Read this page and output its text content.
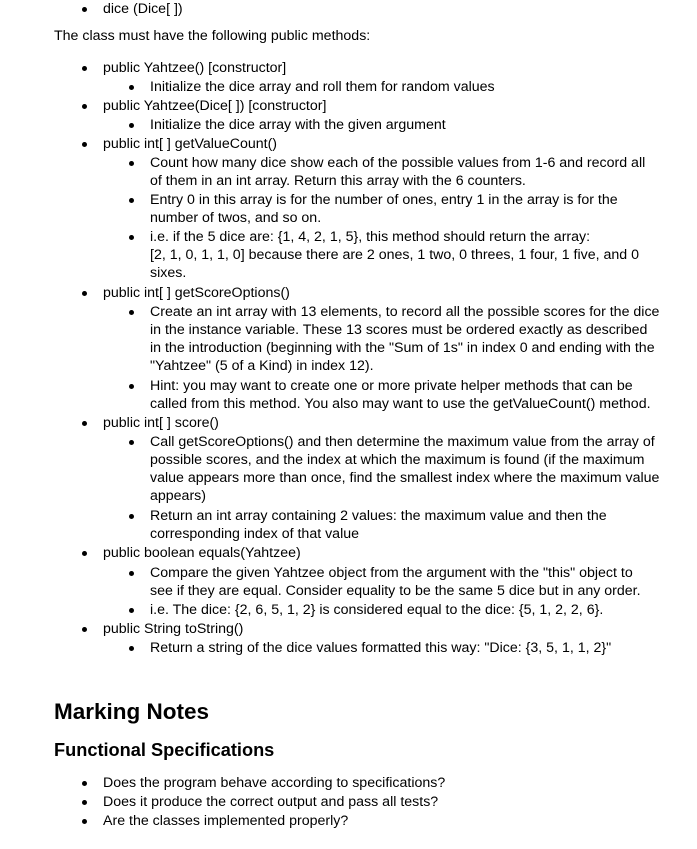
dice (Dice[ ])
The class must have the following public methods:
public Yahtzee() [constructor]
Initialize the dice array and roll them for random values
public Yahtzee(Dice[ ]) [constructor]
Initialize the dice array with the given argument
public int[ ] getValueCount()
Count how many dice show each of the possible values from 1-6 and record all
of them in an int array. Return this array with the 6 counters.
Entry 0 in this array is for the number of ones, entry 1 in the array is for the
number of twos, and so on.
i.e. if the 5 dice are: {1, 4, 2, 1, 5}, this method should return the array:
[2, 1, 0, 1, 1, 0] because there are 2 ones, 1 two, 0 threes, 1 four, 1 five, and 0
sixes.
public int[ ] getScoreOptions()
Create an int array with 13 elements, to record all the possible scores for the dice
in the instance variable. These 13 scores must be ordered exactly as described
in the introduction (beginning with the "Sum of 1s" in index 0 and ending with the
"Yahtzee" (5 of a Kind) in index 12).
Hint: you may want to create one or more private helper methods that can be
called from this method. You also may want to use the getValueCount() method.
public int[ ] score()
Call getScoreOptions() and then determine the maximum value from the array of
possible scores, and the index at which the maximum is found (if the maximum
value appears more than once, find the smallest index where the maximum value
appears)
Return an int array containing 2 values: the maximum value and then the
corresponding index of that value
public boolean equals(Yahtzee)
Compare the given Yahtzee object from the argument with the "this" object to
see if they are equal. Consider equality to be the same 5 dice but in any order.
i.e. The dice: {2, 6, 5, 1, 2} is considered equal to the dice: {5, 1, 2, 2, 6}.
public String toString()
Return a string of the dice values formatted this way: "Dice: {3, 5, 1, 1, 2}"
Marking Notes
Functional Specifications
Does the program behave according to specifications?
Does it produce the correct output and pass all tests?
Are the classes implemented properly?
